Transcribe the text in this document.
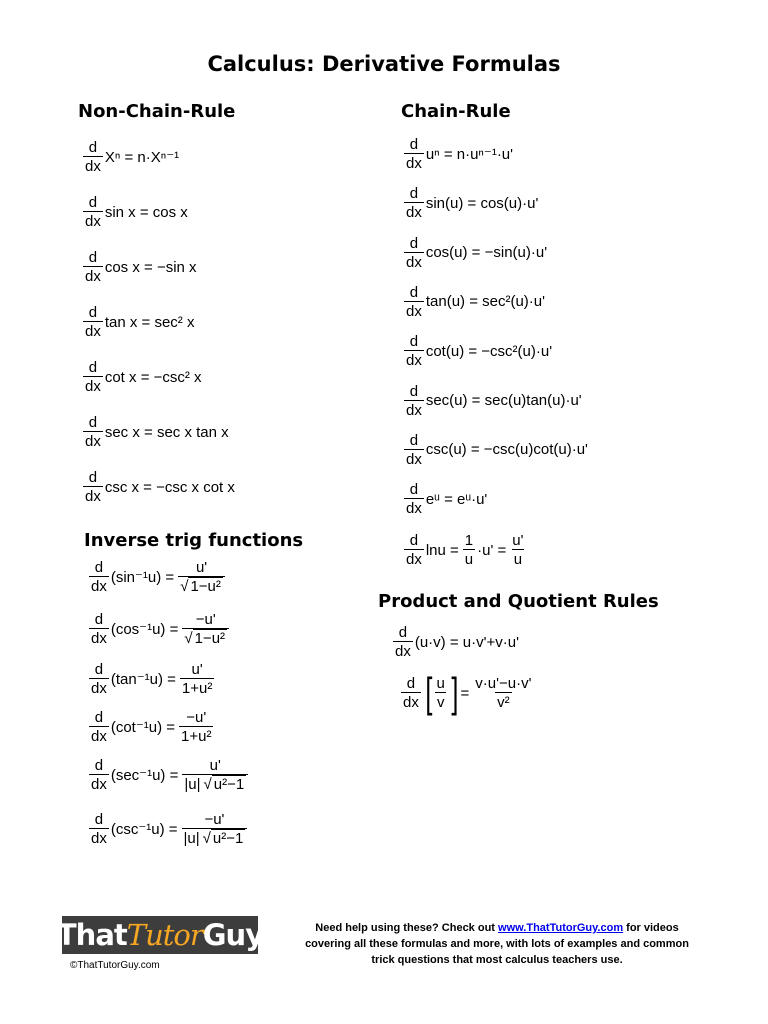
Calculus: Derivative Formulas
Non-Chain-Rule	Chain-Rule
Inverse trig functions
Product and Quotient Rules
$\frac{d}{dx}$ Xⁿ = n·Xⁿ⁻¹
$\frac{d}{dx}$ sin x = cos x
$\frac{d}{dx}$ cos x = −sin x
$\frac{d}{dx}$ tan x = sec² x
$\frac{d}{dx}$ cot x = −csc² x
$\frac{d}{dx}$ sec x = sec x tan x
$\frac{d}{dx}$ csc x = −csc x cot x
$\frac{d}{dx}$ uⁿ = n·uⁿ⁻¹·u'
$\frac{d}{dx} \sin(u) = \cos(u)\cdot u'$
$\frac{d}{dx} \cos(u) = -\sin(u)\cdot u'$
$\frac{d}{dx} \tan(u) = \sec^2(u)\cdot u'$
$\frac{d}{dx} \cot(u) = -\csc^2(u)\cdot u'$
$\frac{d}{dx} \sec(u) = \sec(u)\tan(u)\cdot u'$
$\frac{d}{dx} \csc(u) = -\csc(u)\cot(u)\cdot u'$
$\frac{d}{dx}$ eᵘ = eᵘ·u'
$\frac{d}{dx}$ $\ln u = \frac{1}{u} \cdot u' = \frac{u'}{u}$
$\frac{d}{dx} (\sin^{-1}u) = \frac{u'}{\text{√ 1−u²}}$
$\frac{d}{dx} (\cos^{-1}u) = \frac{-u'}{\text{√ 1−u²}}$
$\frac{d}{dx} (\tan^{-1}u) = \frac{u'}{\text{1+u²}}$
$\frac{d}{dx} (\cot^{-1}u) = \frac{-u'}{\text{1+u²}}$
$\frac{d}{dx} (\sec^{-1}u) = \frac{u'}{\text{|u| √ u²−1}}$
$\frac{d}{dx} (\csc^{-1}u) = \frac{-u'}{\text{|u| √ u²−1}}$
$\frac{d}{dx} (u\cdot v) = u\cdot v'+v\cdot u'$
$\frac{d}{dx}$ [ $\frac{u}{v}$ ] = $\frac{v\cdot u'-u\cdot v'}{\text{v²}}$
That Tutor Guy
©ThatTutorGuy.com
Need help using these? Check out www.ThatTutorGuy.com for videos
covering all these formulas and more, with lots of examples and common
trick questions that most calculus teachers use.
